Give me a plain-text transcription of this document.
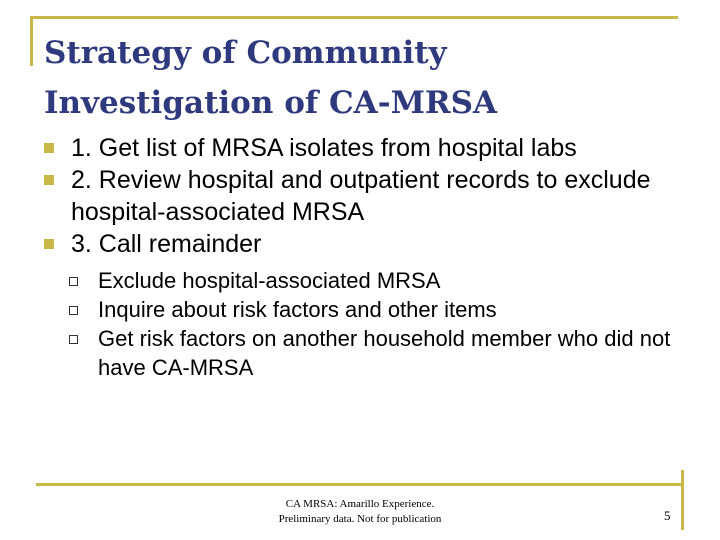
Strategy of Community Investigation of CA-MRSA
1. Get list of MRSA isolates from hospital labs
2. Review hospital and outpatient records to exclude hospital-associated MRSA
3. Call remainder
Exclude hospital-associated MRSA
Inquire about risk factors and other items
Get risk factors on another household member who did not have CA-MRSA
CA MRSA: Amarillo Experience.
Preliminary data. Not for publication	5
